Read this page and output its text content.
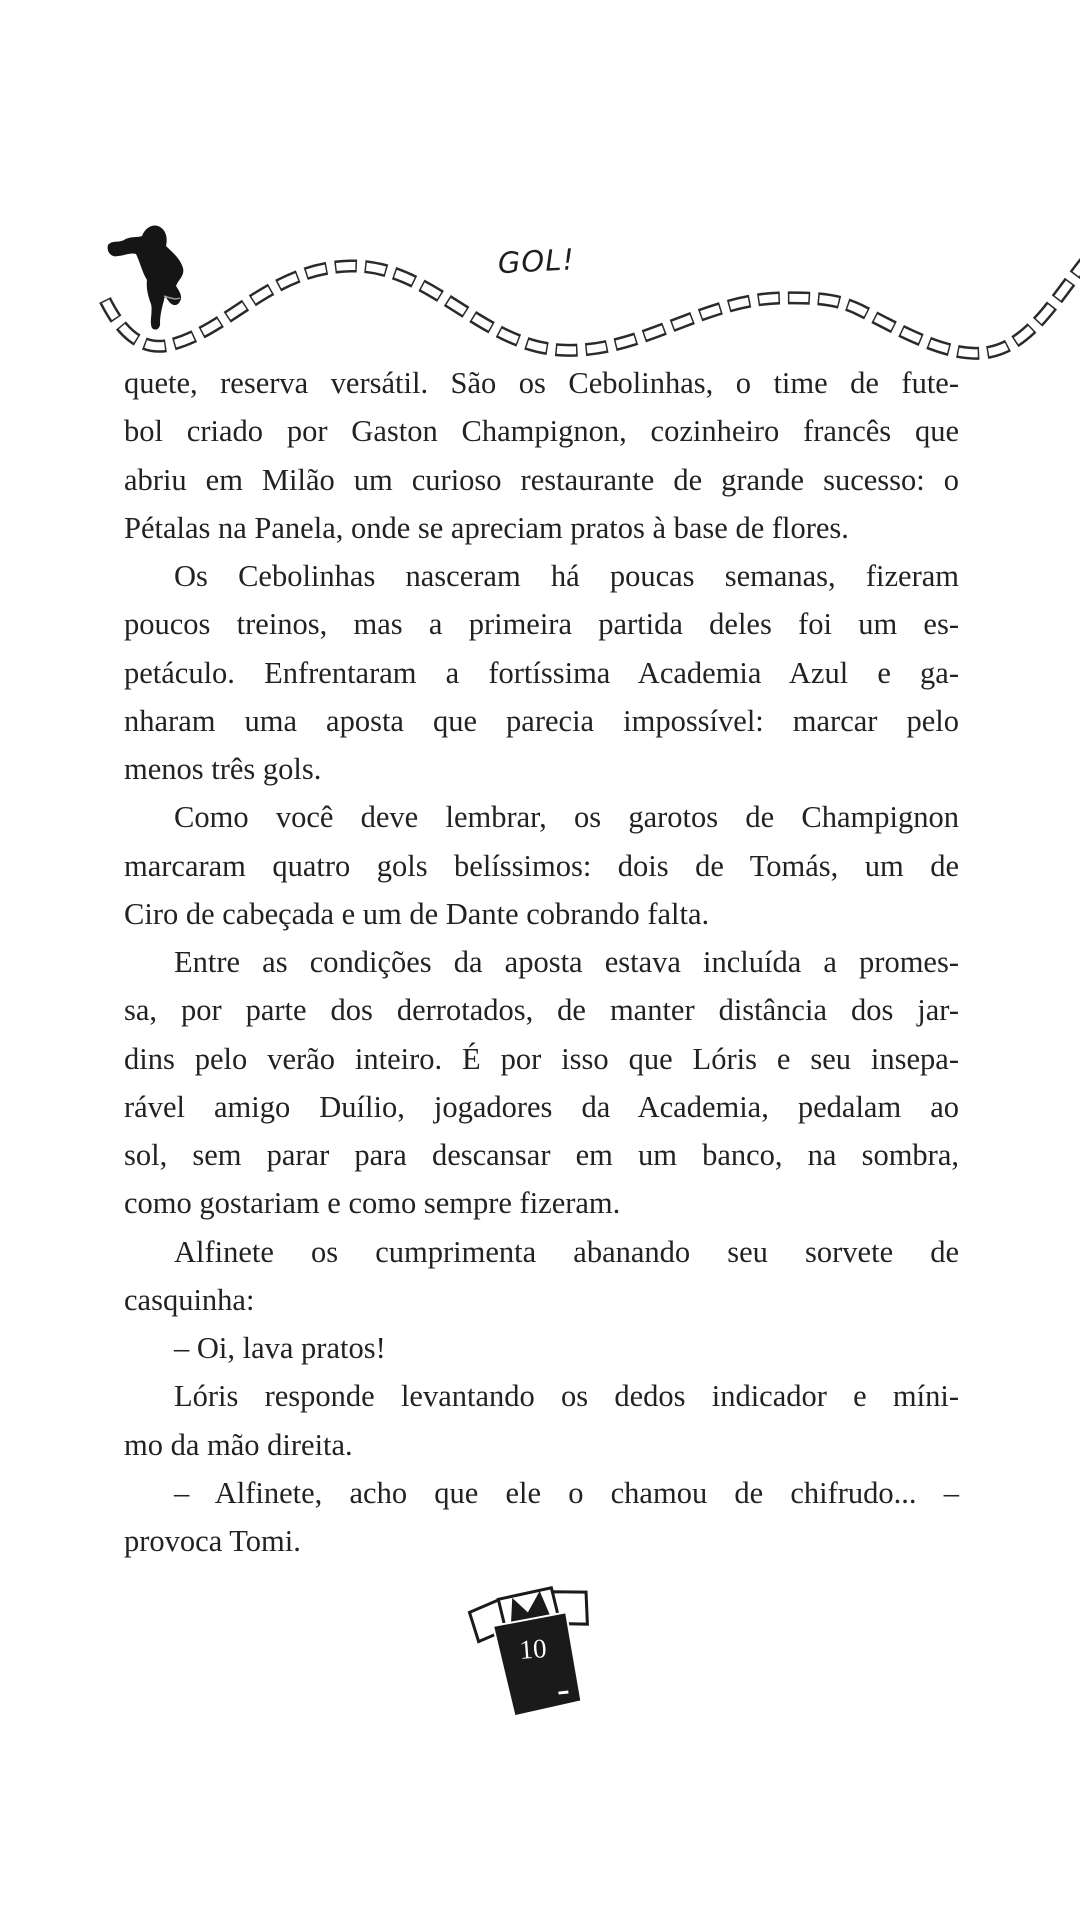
GOL!
quete, reserva versátil. São os Cebolinhas, o time de fute-
bol criado por Gaston Champignon, cozinheiro francês que
abriu em Milão um curioso restaurante de grande sucesso: o
Pétalas na Panela, onde se apreciam pratos à base de flores.
Os Cebolinhas nasceram há poucas semanas, fizeram
poucos treinos, mas a primeira partida deles foi um es-
petáculo. Enfrentaram a fortíssima Academia Azul e ga-
nharam uma aposta que parecia impossível: marcar pelo
menos três gols.
Como você deve lembrar, os garotos de Champignon
marcaram quatro gols belíssimos: dois de Tomás, um de
Ciro de cabeçada e um de Dante cobrando falta.
Entre as condições da aposta estava incluída a promes-
sa, por parte dos derrotados, de manter distância dos jar-
dins pelo verão inteiro. É por isso que Lóris e seu insepa-
rável amigo Duílio, jogadores da Academia, pedalam ao
sol, sem parar para descansar em um banco, na sombra,
como gostariam e como sempre fizeram.
Alfinete os cumprimenta abanando seu sorvete de
casquinha:
– Oi, lava pratos!
Lóris responde levantando os dedos indicador e míni-
mo da mão direita.
– Alfinete, acho que ele o chamou de chifrudo... –
provoca Tomi.
10
